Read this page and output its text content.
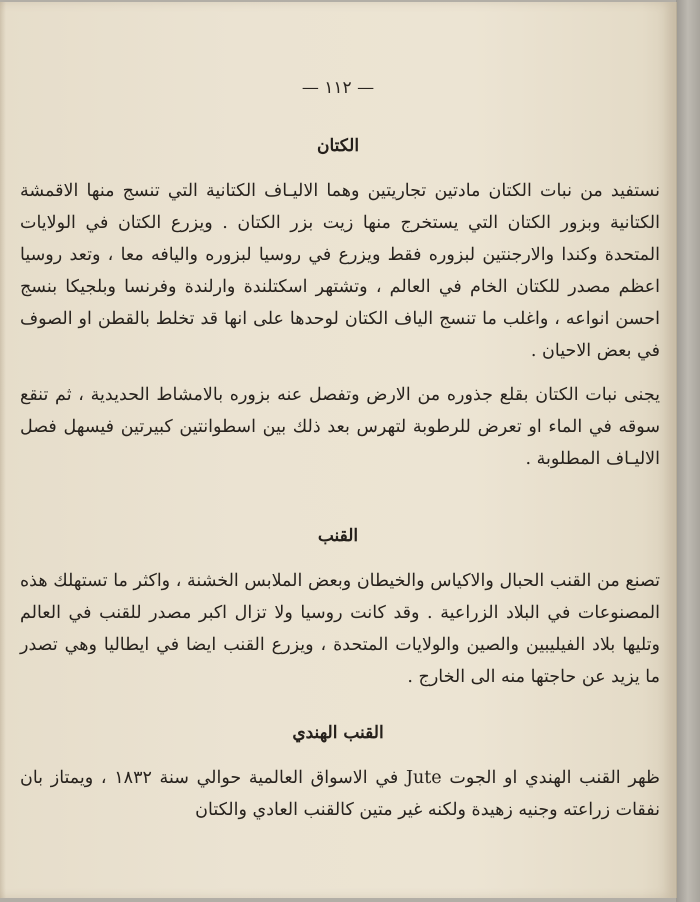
— ١١٢ —
الكتان

نستفيد من نبات الكتان مادتين تجاريتين وهما الاليـاف الكتانية التي تنسج منها الاقمشة الكتانية وبزور الكتان التي يستخرج منها زيت بزر الكتان . ويزرع الكتان في الولايات المتحدة وكندا والارجنتين لبزوره فقط ويزرع في روسيا لبزوره واليافه معا ، وتعد روسيا اعظم مصدر للكتان الخام في العالم ، وتشتهر اسكتلندة وارلندة وفرنسا وبلجيكا بنسج احسن انواعه ، واغلب ما تنسج الياف الكتان لوحدها على انها قد تخلط بالقطن او الصوف في بعض الاحيان .

يجنى نبات الكتان بقلع جذوره من الارض وتفصل عنه بزوره بالامشاط الحديدية ، ثم تنقع سوقه في الماء او تعرض للرطوبة لتهرس بعد ذلك بين اسطوانتين كبيرتين فيسهل فصل الاليـاف المطلوبة .

القنب

تصنع من القنب الحبال والاكياس والخيطان وبعض الملابس الخشنة ، واكثر ما تستهلك هذه المصنوعات في البلاد الزراعية . وقد كانت روسيا ولا تزال اكبر مصدر للقنب في العالم وتليها بلاد الفيليبين والصين والولايات المتحدة ، ويزرع القنب ايضا في ايطاليا وهي تصدر ما يزيد عن حاجتها منه الى الخارج .

القنب الهندي

ظهر القنب الهندي او الجوت Jute في الاسواق العالمية حوالي سنة ١٨٣٢ ، ويمتاز بان نفقات زراعته وجنيه زهيدة ولكنه غير متين كالقنب العادي والكتان
